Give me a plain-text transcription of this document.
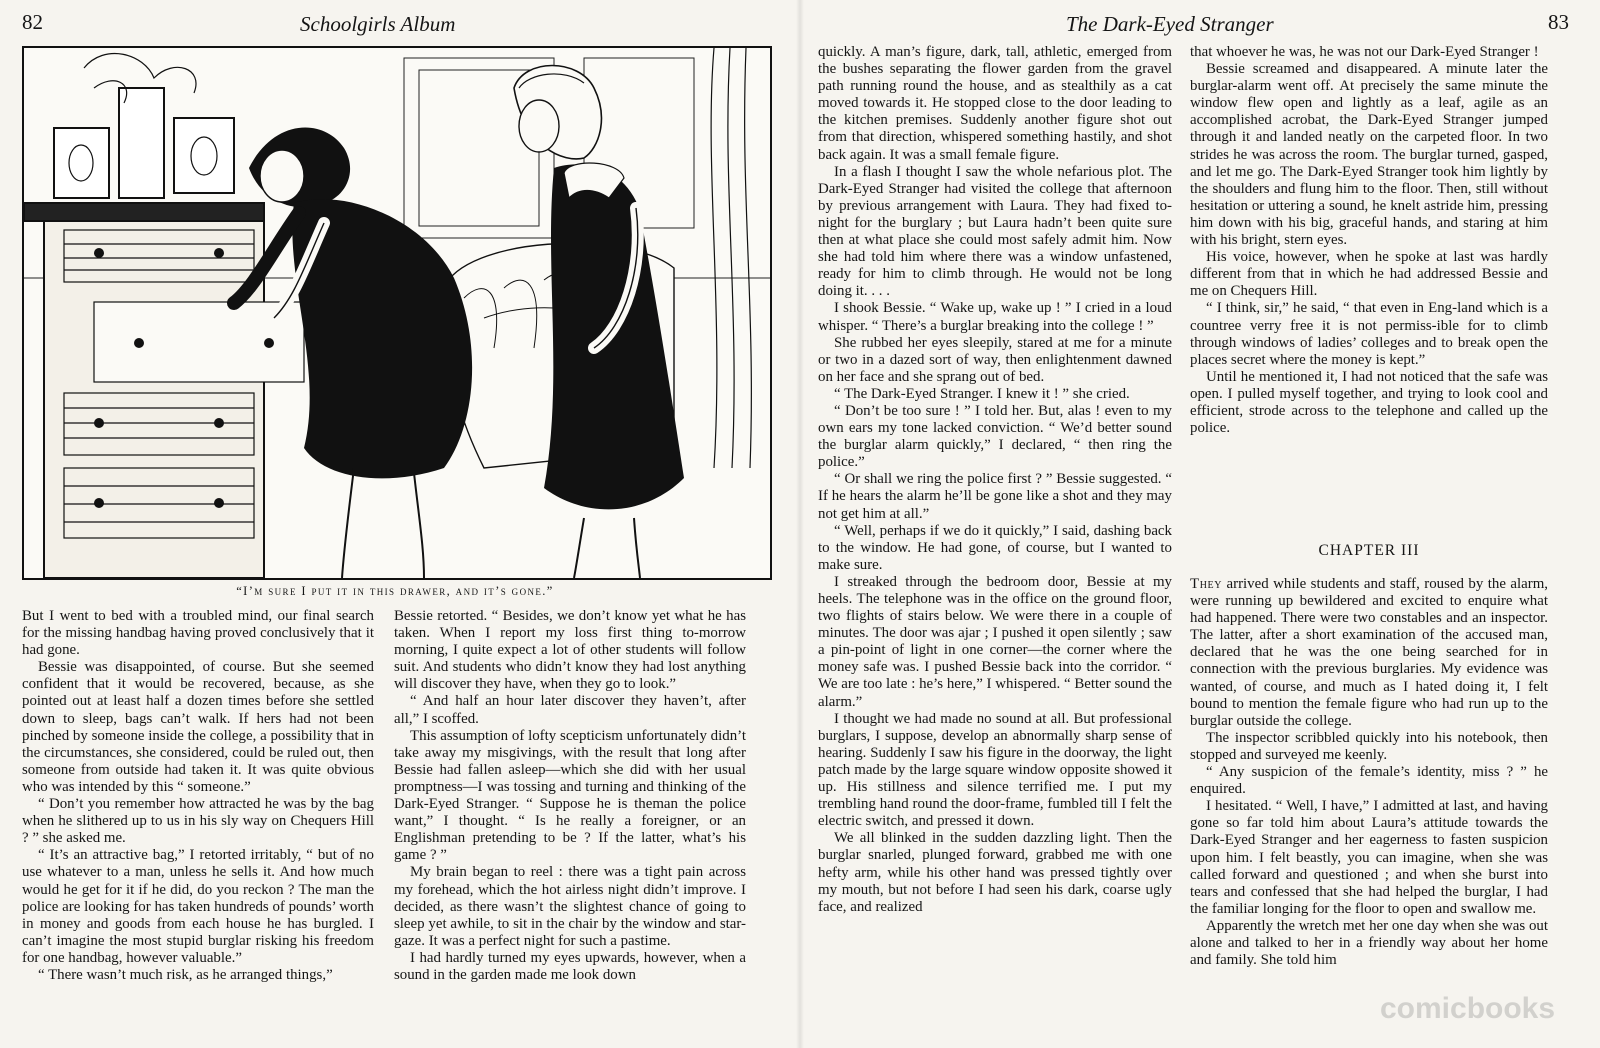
82	Schoolgirls Album
“I’m sure I put it in this drawer, and it’s gone.”

But I went to bed with a troubled mind, our final search for the missing handbag having proved conclusively that it had gone.

Bessie was disappointed, of course. But she seemed confident that it would be recovered, because, as she pointed out at least half a dozen times before she settled down to sleep, bags can’t walk. If hers had not been pinched by someone inside the college, a possibility that in the circumstances, she considered, could be ruled out, then someone from outside had taken it. It was quite obvious who was intended by this “ someone.”

“ Don’t you remember how attracted he was by the bag when he slithered up to us in his sly way on Chequers Hill ? ” she asked me.

“ It’s an attractive bag,” I retorted irritably, “ but of no use whatever to a man, unless he sells it. And how much would he get for it if he did, do you reckon ? The man the police are looking for has taken hundreds of pounds’ worth in money and goods from each house he has burgled. I can’t imagine the most stupid burglar risking his freedom for one handbag, however valuable.”

“ There wasn’t much risk, as he arranged things,”

Bessie retorted. “ Besides, we don’t know yet what he has taken. When I report my loss first thing to-morrow morning, I quite expect a lot of other students will follow suit. And students who didn’t know they had lost anything will discover they have, when they go to look.”

“ And half an hour later discover they haven’t, after all,” I scoffed.

This assumption of lofty scepticism unfortunately didn’t take away my misgivings, with the result that long after Bessie had fallen asleep—which she did with her usual promptness—I was tossing and turning and thinking of the Dark-Eyed Stranger. “ Suppose he is theman the police want,” I thought. “ Is he really a foreigner, or an Englishman pretending to be ? If the latter, what’s his game ? ”

My brain began to reel : there was a tight pain across my forehead, which the hot airless night didn’t improve. I decided, as there wasn’t the slightest chance of going to sleep yet awhile, to sit in the chair by the window and star-gaze. It was a perfect night for such a pastime.

I had hardly turned my eyes upwards, however, when a sound in the garden made me look down

The Dark-Eyed Stranger	83

quickly. A man’s figure, dark, tall, athletic, emerged from the bushes separating the flower garden from the gravel path running round the house, and as stealthily as a cat moved towards it. He stopped close to the door leading to the kitchen premises. Suddenly another figure shot out from that direction, whispered something hastily, and shot back again. It was a small female figure.

In a flash I thought I saw the whole nefarious plot. The Dark-Eyed Stranger had visited the college that afternoon by previous arrangement with Laura. They had fixed to-night for the burglary ; but Laura hadn’t been quite sure then at what place she could most safely admit him. Now she had told him where there was a window unfastened, ready for him to climb through. He would not be long doing it. . . .

I shook Bessie. “ Wake up, wake up ! ” I cried in a loud whisper. “ There’s a burglar breaking into the college ! ”

She rubbed her eyes sleepily, stared at me for a minute or two in a dazed sort of way, then enlightenment dawned on her face and she sprang out of bed.

“ The Dark-Eyed Stranger. I knew it ! ” she cried.

“ Don’t be too sure ! ” I told her. But, alas ! even to my own ears my tone lacked conviction. “ We’d better sound the burglar alarm quickly,” I declared, “ then ring the police.”

“ Or shall we ring the police first ? ” Bessie suggested. “ If he hears the alarm he’ll be gone like a shot and they may not get him at all.”

“ Well, perhaps if we do it quickly,” I said, dashing back to the window. He had gone, of course, but I wanted to make sure.

I streaked through the bedroom door, Bessie at my heels. The telephone was in the office on the ground floor, two flights of stairs below. We were there in a couple of minutes. The door was ajar ; I pushed it open silently ; saw a pin-point of light in one corner—the corner where the money safe was. I pushed Bessie back into the corridor. “ We are too late : he’s here,” I whispered. “ Better sound the alarm.”

I thought we had made no sound at all. But professional burglars, I suppose, develop an abnormally sharp sense of hearing. Suddenly I saw his figure in the doorway, the light patch made by the large square window opposite showed it up. His stillness and silence terrified me. I put my trembling hand round the door-frame, fumbled till I felt the electric switch, and pressed it down.

We all blinked in the sudden dazzling light. Then the burglar snarled, plunged forward, grabbed me with one hefty arm, while his other hand was pressed tightly over my mouth, but not before I had seen his dark, coarse ugly face, and realized

that whoever he was, he was not our Dark-Eyed Stranger !

Bessie screamed and disappeared. A minute later the burglar-alarm went off. At precisely the same minute the window flew open and lightly as a leaf, agile as an accomplished acrobat, the Dark-Eyed Stranger jumped through it and landed neatly on the carpeted floor. In two strides he was across the room. The burglar turned, gasped, and let me go. The Dark-Eyed Stranger took him lightly by the shoulders and flung him to the floor. Then, still without hesitation or uttering a sound, he knelt astride him, pressing him down with his big, graceful hands, and staring at him with his bright, stern eyes.

His voice, however, when he spoke at last was hardly different from that in which he had addressed Bessie and me on Chequers Hill.

“ I think, sir,” he said, “ that even in Eng-land which is a countree verry free it is not permiss-ible for to climb through windows of ladies’ colleges and to break open the places secret where the money is kept.”

Until he mentioned it, I had not noticed that the safe was open. I pulled myself together, and trying to look cool and efficient, strode across to the telephone and called up the police.

CHAPTER III

They arrived while students and staff, roused by the alarm, were running up bewildered and excited to enquire what had happened. There were two constables and an inspector. The latter, after a short examination of the accused man, declared that he was the one being searched for in connection with the previous burglaries. My evidence was wanted, of course, and much as I hated doing it, I felt bound to mention the female figure who had run up to the burglar outside the college.

The inspector scribbled quickly into his notebook, then stopped and surveyed me keenly.

“ Any suspicion of the female’s identity, miss ? ” he enquired.

I hesitated. “ Well, I have,” I admitted at last, and having gone so far told him about Laura’s attitude towards the Dark-Eyed Stranger and her eagerness to fasten suspicion upon him. I felt beastly, you can imagine, when she was called forward and questioned ; and when she burst into tears and confessed that she had helped the burglar, I had the familiar longing for the floor to open and swallow me.

Apparently the wretch met her one day when she was out alone and talked to her in a friendly way about her home and family. She told him

comicbooks
